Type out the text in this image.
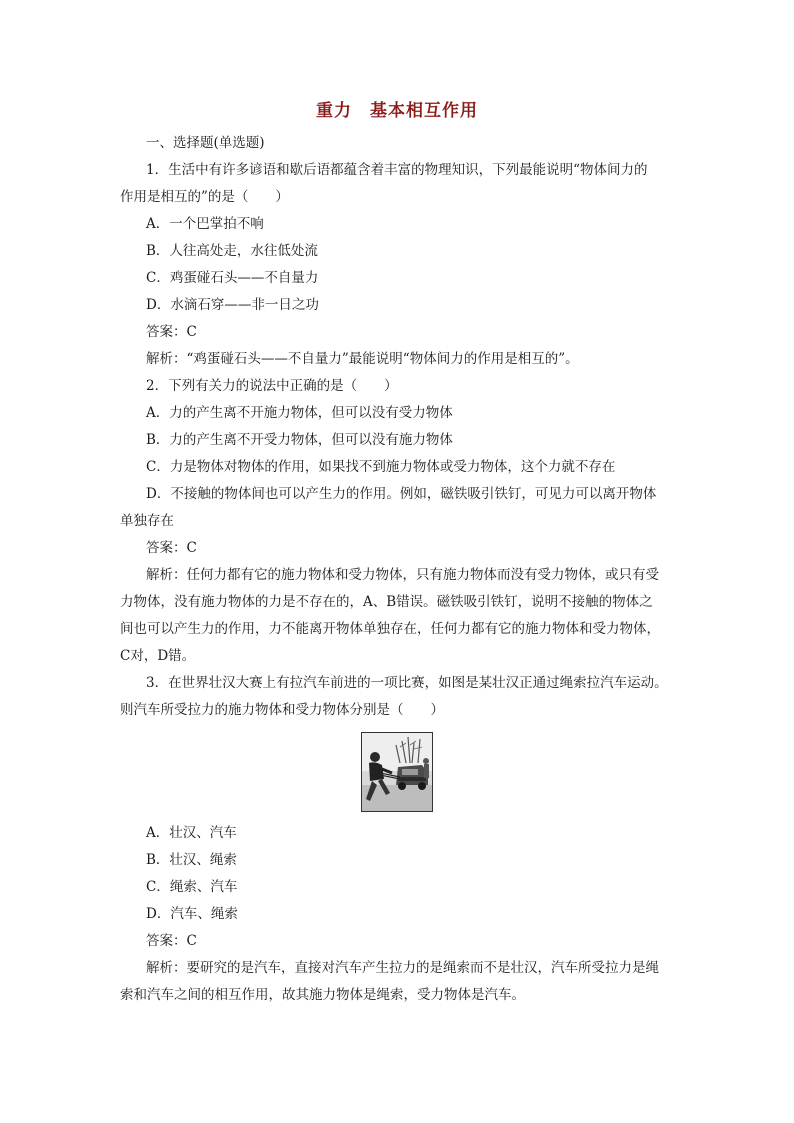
重力　基本相互作用
一、选择题(单选题)
1．生活中有许多谚语和歇后语都蕴含着丰富的物理知识，下列最能说明“物体间力的
作用是相互的”的是（　　）
A．一个巴掌拍不响
B．人往高处走，水往低处流
C．鸡蛋碰石头——不自量力
D．水滴石穿——非一日之功
答案：C
解析：“鸡蛋碰石头——不自量力”最能说明“物体间力的作用是相互的”。
2．下列有关力的说法中正确的是（　　）
A．力的产生离不开施力物体，但可以没有受力物体
B．力的产生离不开受力物体，但可以没有施力物体
C．力是物体对物体的作用，如果找不到施力物体或受力物体，这个力就不存在
D．不接触的物体间也可以产生力的作用。例如，磁铁吸引铁钉，可见力可以离开物体
单独存在
答案：C
解析：任何力都有它的施力物体和受力物体，只有施力物体而没有受力物体，或只有受
力物体，没有施力物体的力是不存在的，A、B错误。磁铁吸引铁钉，说明不接触的物体之
间也可以产生力的作用，力不能离开物体单独存在，任何力都有它的施力物体和受力物体，
C对，D错。
3．在世界壮汉大赛上有拉汽车前进的一项比赛，如图是某壮汉正通过绳索拉汽车运动。
则汽车所受拉力的施力物体和受力物体分别是（　　）
A．壮汉、汽车
B．壮汉、绳索
C．绳索、汽车
D．汽车、绳索
答案：C
解析：要研究的是汽车，直接对汽车产生拉力的是绳索而不是壮汉，汽车所受拉力是绳
索和汽车之间的相互作用，故其施力物体是绳索，受力物体是汽车。
